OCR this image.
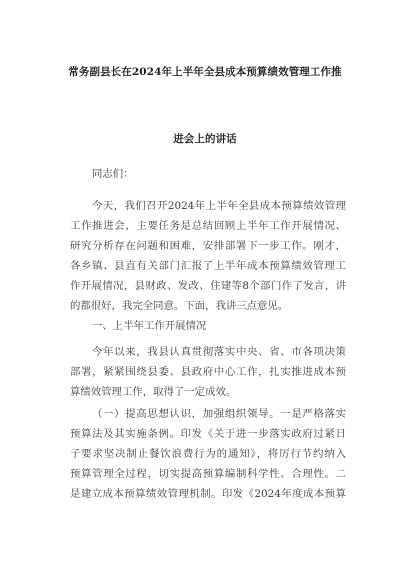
常务副县长在2024年上半年全县成本预算绩效管理工作推
进会上的讲话
同志们：
今天，我们召开2024年上半年全县成本预算绩效管理
工作推进会，主要任务是总结回顾上半年工作开展情况、
研究分析存在问题和困难，安排部署下一步工作。刚才，
各乡镇、县直有关部门汇报了上半年成本预算绩效管理工
作开展情况，县财政、发改、住建等8个部门作了发言，讲
的都很好，我完全同意。下面，我讲三点意见。
一、上半年工作开展情况
今年以来，我县认真贯彻落实中央、省、市各项决策
部署，紧紧围绕县委、县政府中心工作，扎实推进成本预
算绩效管理工作，取得了一定成效。
（一）提高思想认识，加强组织领导。一是严格落实
预算法及其实施条例。印发《关于进一步落实政府过紧日
子要求坚决制止餐饮浪费行为的通知》，将厉行节约纳入
预算管理全过程，切实提高预算编制科学性、合理性。二
是建立成本预算绩效管理机制。印发《2024年度成本预算
